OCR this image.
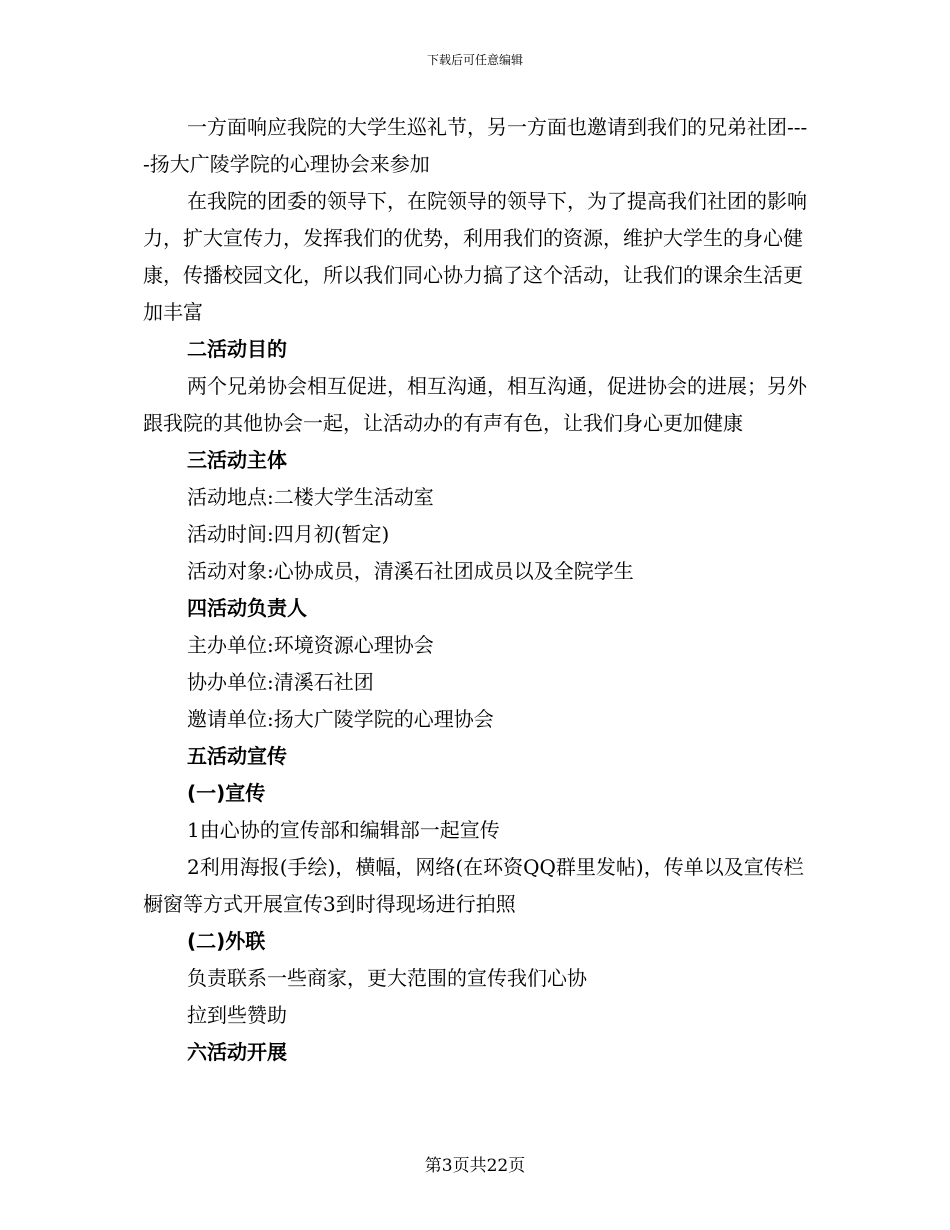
下载后可任意编辑

一方面响应我院的大学生巡礼节，另一方面也邀请到我们的兄弟社团----扬大广陵学院的心理协会来参加

在我院的团委的领导下，在院领导的领导下，为了提高我们社团的影响力，扩大宣传力，发挥我们的优势，利用我们的资源，维护大学生的身心健康，传播校园文化，所以我们同心协力搞了这个活动，让我们的课余生活更加丰富

二活动目的

两个兄弟协会相互促进，相互沟通，相互沟通，促进协会的进展；另外跟我院的其他协会一起，让活动办的有声有色，让我们身心更加健康

三活动主体

活动地点:二楼大学生活动室

活动时间:四月初(暂定)

活动对象:心协成员，清溪石社团成员以及全院学生

四活动负责人

主办单位:环境资源心理协会

协办单位:清溪石社团

邀请单位:扬大广陵学院的心理协会

五活动宣传

(一)宣传

1由心协的宣传部和编辑部一起宣传

2利用海报(手绘)，横幅，网络(在环资QQ群里发帖)，传单以及宣传栏橱窗等方式开展宣传3到时得现场进行拍照

(二)外联

负责联系一些商家，更大范围的宣传我们心协

拉到些赞助

六活动开展

第3页共22页
